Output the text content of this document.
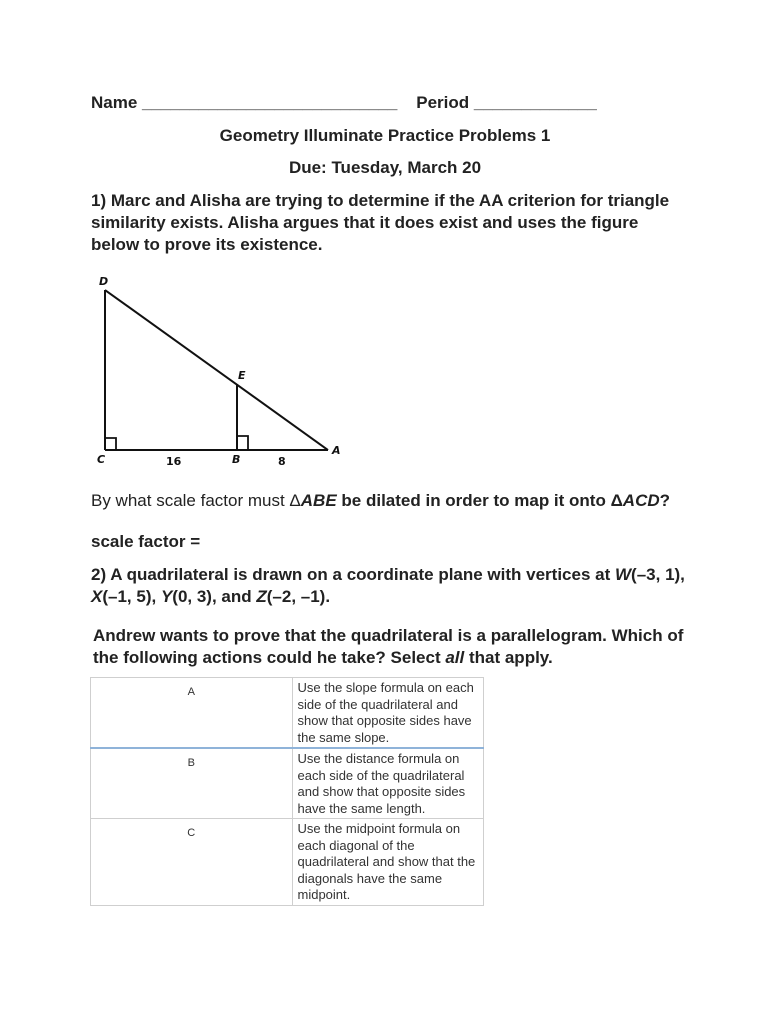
Name ___________________________ Period _____________
Geometry Illuminate Practice Problems 1
Due: Tuesday, March 20
1) Marc and Alisha are trying to determine if the AA criterion for triangle similarity exists. Alisha argues that it does exist and uses the figure below to prove its existence.
D
E
C	B
A
16	8
By what scale factor must ΔABE be dilated in order to map it onto ΔACD?
scale factor =
2) A quadrilateral is drawn on a coordinate plane with vertices at W(–3, 1), X(–1, 5), Y(0, 3), and Z(–2, –1).
Andrew wants to prove that the quadrilateral is a parallelogram. Which of the following actions could he take? Select all that apply.
A	Use the slope formula on each side of the quadrilateral and show that opposite sides have the same slope.
B	Use the distance formula on each side of the quadrilateral and show that opposite sides have the same length.
C	Use the midpoint formula on each diagonal of the quadrilateral and show that the diagonals have the same midpoint.
